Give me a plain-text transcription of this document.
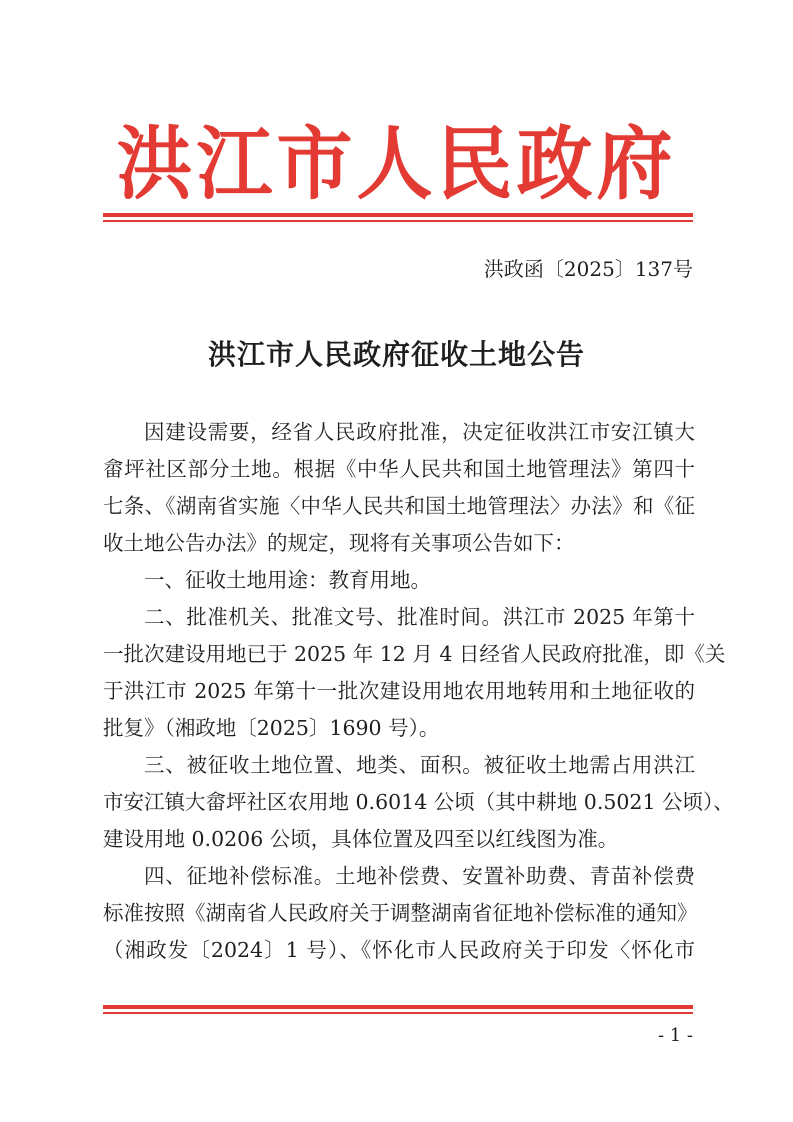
洪江市人民政府
洪政函〔2025〕137号
洪江市人民政府征收土地公告
因建设需要，经省人民政府批准，决定征收洪江市安江镇大
畲坪社区部分土地。根据《中华人民共和国土地管理法》第四十
七条、《湖南省实施〈中华人民共和国土地管理法〉办法》和《征
收土地公告办法》的规定，现将有关事项公告如下：
一、征收土地用途：教育用地。
二、批准机关、批准文号、批准时间。洪江市 2025 年第十
一批次建设用地已于 2025 年 12 月 4 日经省人民政府批准，即《关
于洪江市 2025 年第十一批次建设用地农用地转用和土地征收的
批复》（湘政地〔2025〕1690 号）。
三、被征收土地位置、地类、面积。被征收土地需占用洪江
市安江镇大畲坪社区农用地 0.6014 公顷（其中耕地 0.5021 公顷）、
建设用地 0.0206 公顷，具体位置及四至以红线图为准。
四、征地补偿标准。土地补偿费、安置补助费、青苗补偿费
标准按照《湖南省人民政府关于调整湖南省征地补偿标准的通知》
（湘政发〔2024〕1 号）、《怀化市人民政府关于印发〈怀化市
- 1 -
